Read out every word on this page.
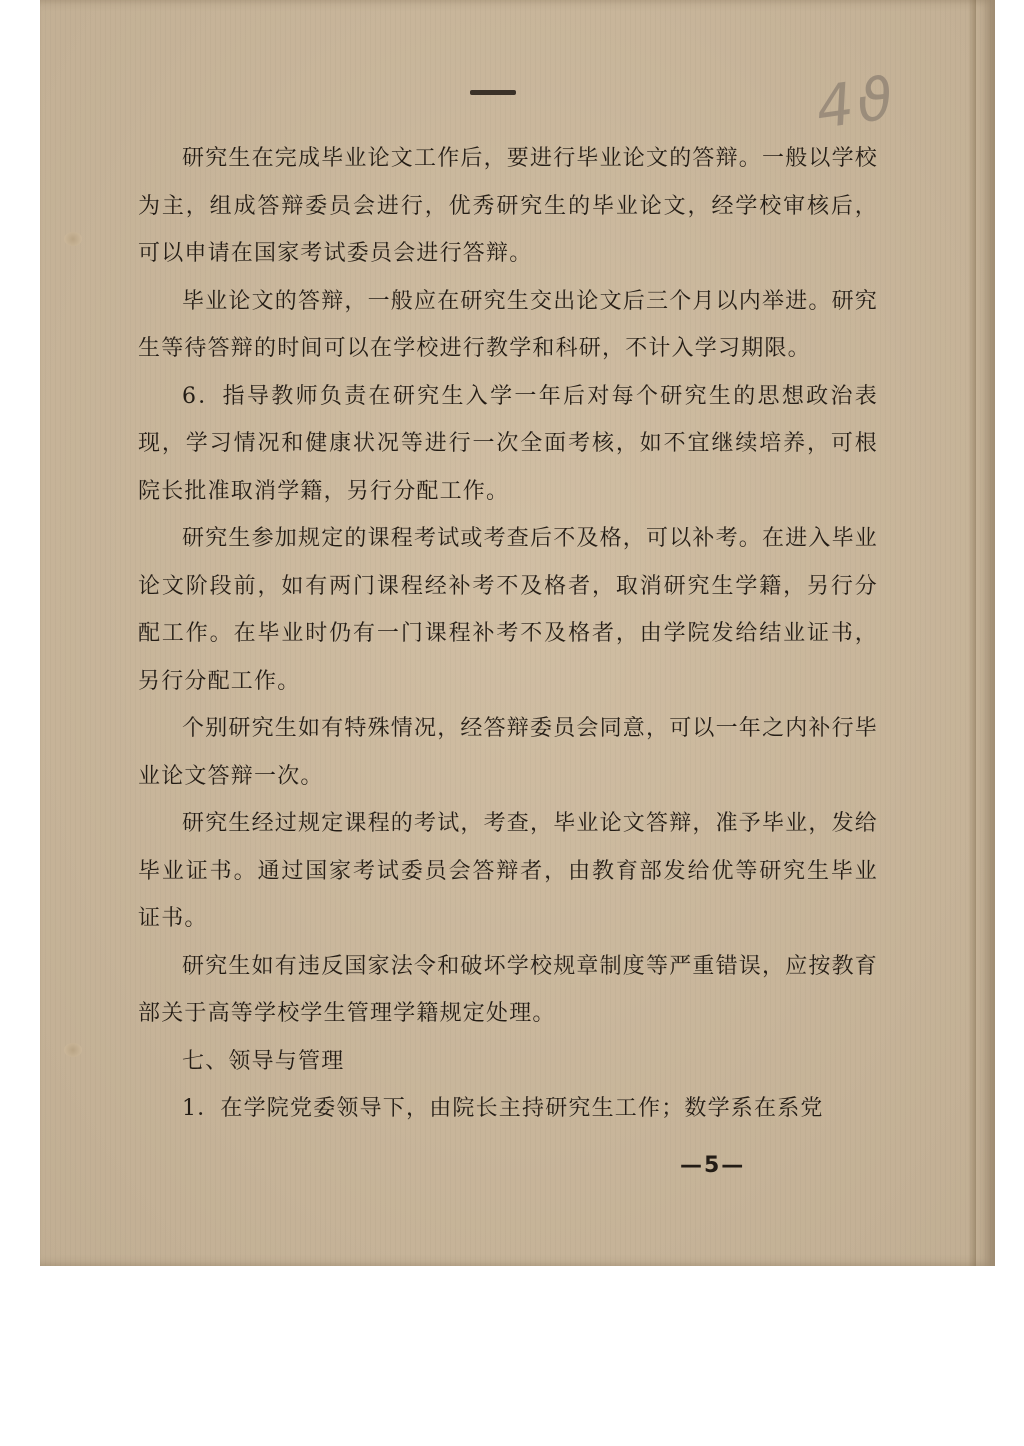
4ϑ

研究生在完成毕业论文工作后，要进行毕业论文的答辩。一般以学校为主，组成答辩委员会进行，优秀研究生的毕业论文，经学校审核后，可以申请在国家考试委员会进行答辩。

毕业论文的答辩，一般应在研究生交出论文后三个月以内举进。研究生等待答辩的时间可以在学校进行教学和科研，不计入学习期限。

6．指导教师负责在研究生入学一年后对每个研究生的思想政治表现，学习情况和健康状况等进行一次全面考核，如不宜继续培养，可根院长批准取消学籍，另行分配工作。

研究生参加规定的课程考试或考查后不及格，可以补考。在进入毕业论文阶段前，如有两门课程经补考不及格者，取消研究生学籍，另行分配工作。在毕业时仍有一门课程补考不及格者，由学院发给结业证书，另行分配工作。

个别研究生如有特殊情况，经答辩委员会同意，可以一年之内补行毕业论文答辩一次。

研究生经过规定课程的考试，考查，毕业论文答辩，准予毕业，发给毕业证书。通过国家考试委员会答辩者，由教育部发给优等研究生毕业证书。

研究生如有违反国家法令和破坏学校规章制度等严重错误，应按教育部关于高等学校学生管理学籍规定处理。

七、领导与管理

1．在学院党委领导下，由院长主持研究生工作；数学系在系党

—5—
